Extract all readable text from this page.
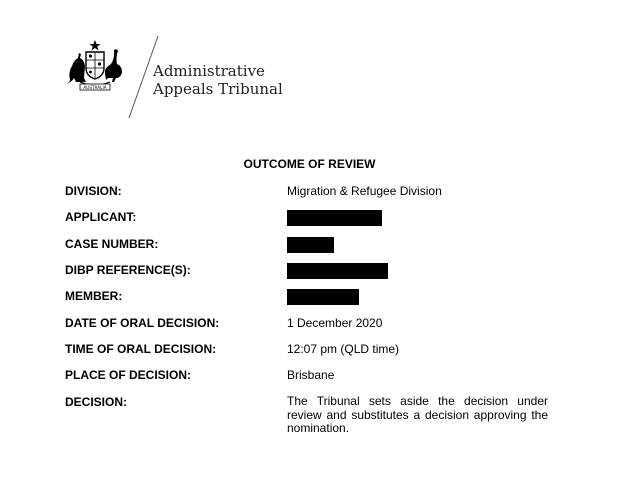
AUSTRALIA
Administrative
Appeals Tribunal
OUTCOME OF REVIEW
DIVISION:	Migration & Refugee Division
APPLICANT:
CASE NUMBER:
DIBP REFERENCE(S):
MEMBER:
DATE OF ORAL DECISION:	1 December 2020
TIME OF ORAL DECISION:	12:07 pm (QLD time)
PLACE OF DECISION:	Brisbane
DECISION:	The Tribunal sets aside the decision under review and substitutes a decision approving the nomination.
